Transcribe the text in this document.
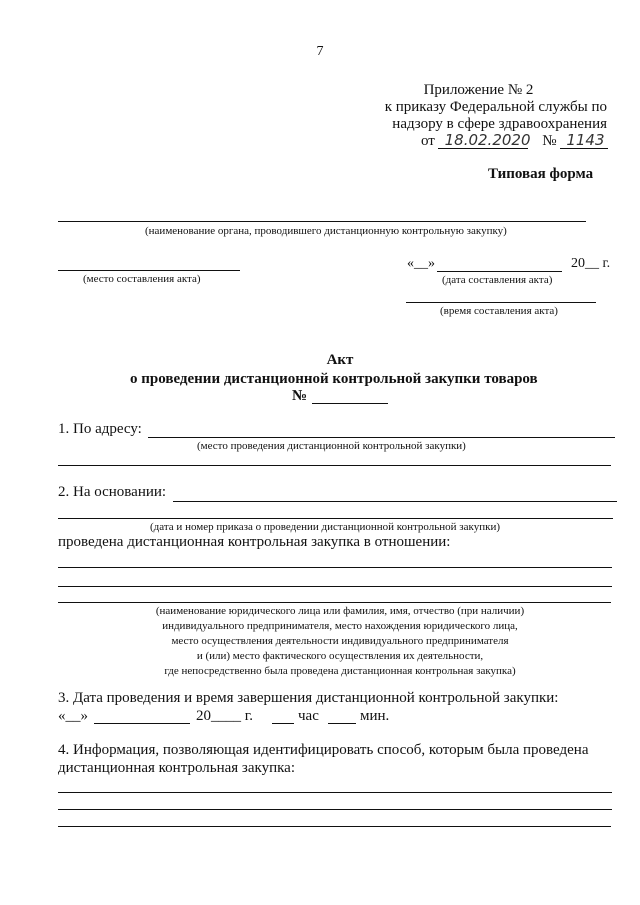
7
Приложение № 2
к приказу Федеральной службы по
надзору в сфере здравоохранения
от 18.02.2020 № 1143
Типовая форма
(наименование органа, проводившего дистанционную контрольную закупку)
(место составления акта)
«__»	20__ г.
(дата составления акта)
(время составления акта)
Акт
о проведении дистанционной контрольной закупки товаров
№
1. По адресу:
(место проведения дистанционной контрольной закупки)
2. На основании:
(дата и номер приказа о проведении дистанционной контрольной закупки)
проведена дистанционная контрольная закупка в отношении:
(наименование юридического лица или фамилия, имя, отчество (при наличии)
индивидуального предпринимателя, место нахождения юридического лица,
место осуществления деятельности индивидуального предпринимателя
и (или) место фактического осуществления их деятельности,
где непосредственно была проведена дистанционная контрольная закупка)
3. Дата проведения и время завершения дистанционной контрольной закупки:
«__»	20____ г.	час	мин.
4. Информация, позволяющая идентифицировать способ, которым была проведена
дистанционная контрольная закупка:
